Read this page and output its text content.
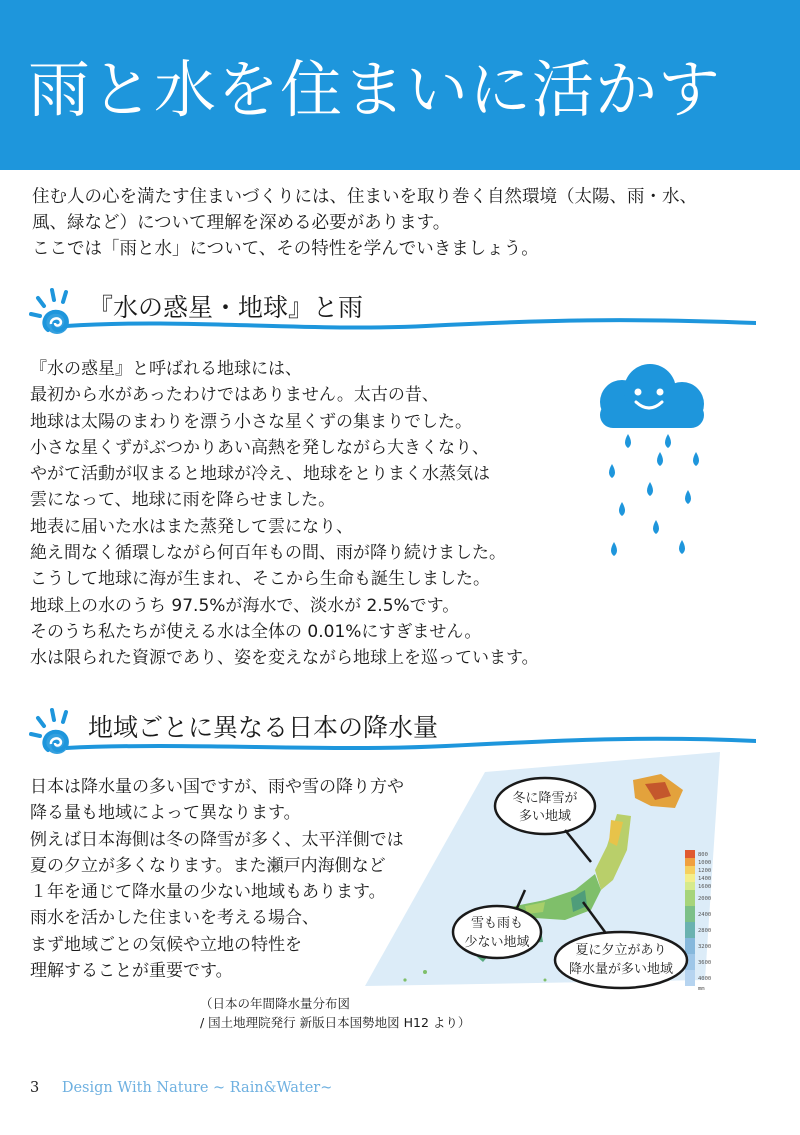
雨と水を住まいに活かす
住む人の心を満たす住まいづくりには、住まいを取り巻く自然環境（太陽、雨・水、
風、緑など）について理解を深める必要があります。
ここでは「雨と水」について、その特性を学んでいきましょう。
『水の惑星・地球』と雨
『水の惑星』と呼ばれる地球には、
最初から水があったわけではありません。太古の昔、
地球は太陽のまわりを漂う小さな星くずの集まりでした。
小さな星くずがぶつかりあい高熱を発しながら大きくなり、
やがて活動が収まると地球が冷え、地球をとりまく水蒸気は
雲になって、地球に雨を降らせました。
地表に届いた水はまた蒸発して雲になり、
絶え間なく循環しながら何百年もの間、雨が降り続けました。
こうして地球に海が生まれ、そこから生命も誕生しました。
地球上の水のうち 97.5%が海水で、淡水が 2.5%です。
そのうち私たちが使える水は全体の 0.01%にすぎません。
水は限られた資源であり、姿を変えながら地球上を巡っています。
地域ごとに異なる日本の降水量
日本は降水量の多い国ですが、雨や雪の降り方や
降る量も地域によって異なります。
例えば日本海側は冬の降雪が多く、太平洋側では
夏の夕立が多くなります。また瀬戸内海側など
１年を通じて降水量の少ない地域もあります。
雨水を活かした住まいを考える場合、
まず地域ごとの気候や立地の特性を
理解することが重要です。
800
1000
1200
1400
1600
2000
2400
2800
3200
3600
4000
mm
冬に降雪が
多い地域
雪も雨も
少ない地域
夏に夕立があり
降水量が多い地域
（日本の年間降水量分布図
/ 国土地理院発行 新版日本国勢地図 H12 より）
3 Design With Nature ~ Rain&Water~
